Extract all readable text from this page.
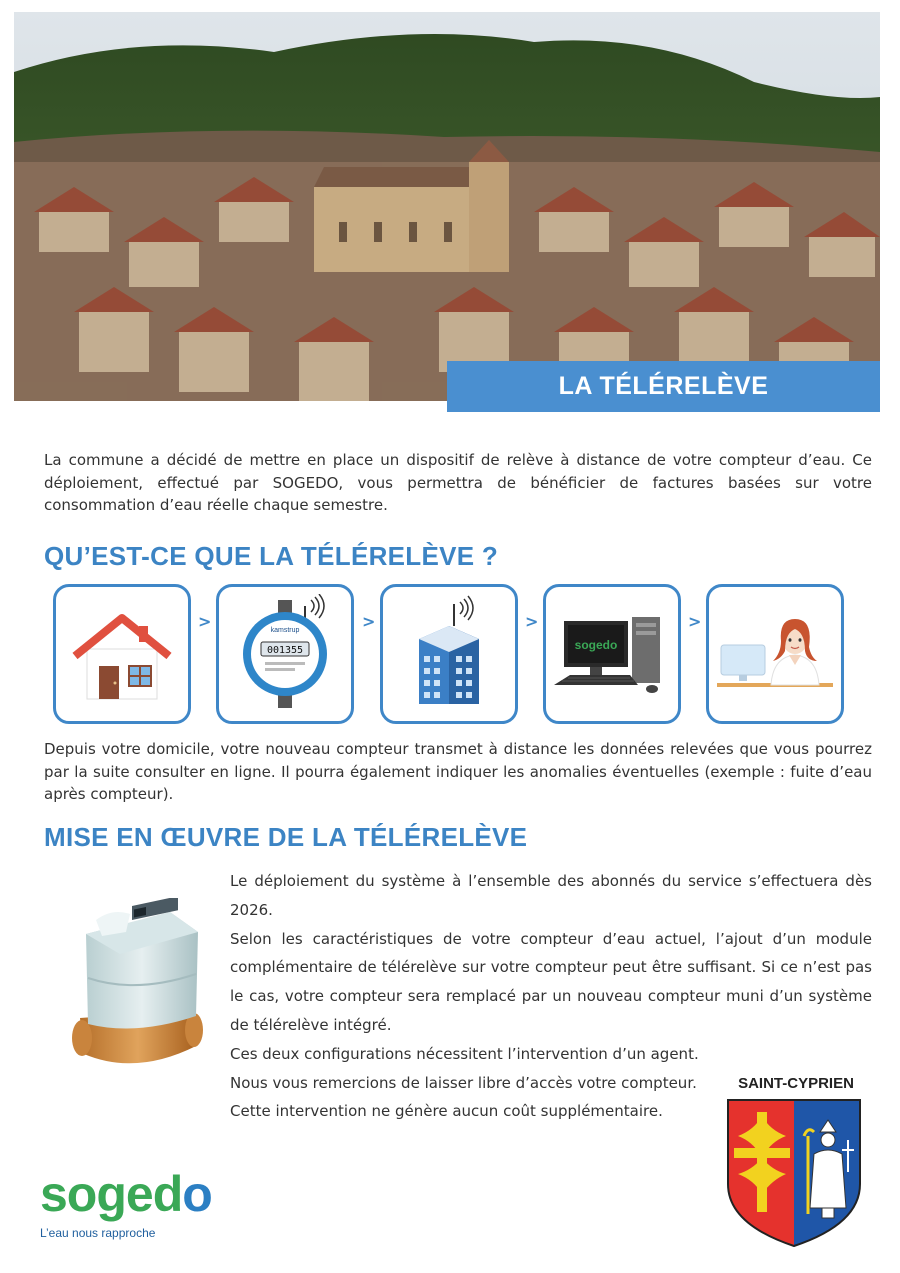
LA TÉLÉRELÈVE
La commune a décidé de mettre en place un dispositif de relève à distance de votre compteur d’eau. Ce déploiement, effectué par SOGEDO, vous permettra de bénéficier de factures basées sur votre consommation d’eau réelle chaque semestre.
QU’EST-CE QUE LA TÉLÉRELÈVE ?
>	kamstrup
001355
>	>
sogedo
>
Depuis votre domicile, votre nouveau compteur transmet à distance les données relevées que vous pourrez par la suite consulter en ligne. Il pourra également indiquer les anomalies éventuelles (exemple : fuite d’eau après compteur).
MISE EN ŒUVRE DE LA TÉLÉRELÈVE

Le déploiement du système à l’ensemble des abonnés du service s’effectuera dès 2026.

Selon les caractéristiques de votre compteur d’eau actuel, l’ajout d’un module complémentaire de télérelève sur votre compteur peut être suffisant. Si ce n’est pas le cas, votre compteur sera remplacé par un nouveau compteur muni d’un système de télérelève intégré.

Ces deux configurations nécessitent l’intervention d’un agent.

Nous vous remercions de laisser libre d’accès votre compteur.

Cette intervention ne génère aucun coût supplémentaire.

sogedo
L’eau nous rapproche
SAINT-CYPRIEN
